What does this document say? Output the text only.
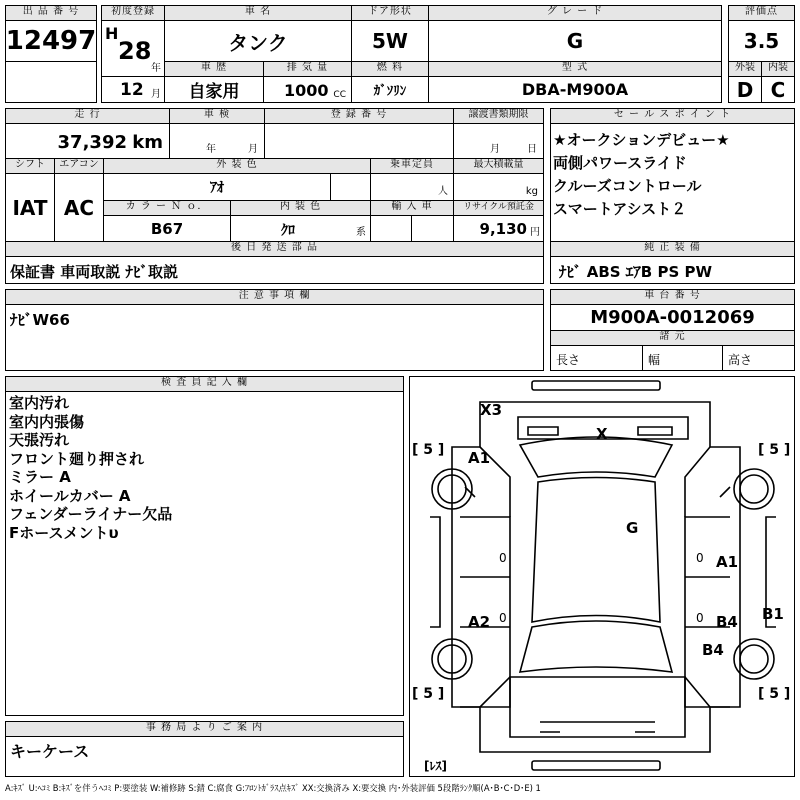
出 品 番 号
12497
初度登録
H
28
年
12 月
車 名
タンク
ドア形状
5W
グ レ ー ド
G
評価点
3.5
車 歴
自家用
排 気 量
1000 CC
燃 料
ｶﾞｿﾘﾝ
型 式
DBA-M900A
外装
D
内装
C
走 行
37,392 km
車 検
年	月
登 録 番 号	譲渡書類期限
月	日
シフト
IAT
エアコン
AC
外 装 色
ｱｵ
乗車定員
人
最大積載量
kg
カ ラ ー Ｎ ｏ．
B67
内 装 色
ｸﾛ	系
輸 入 車	リサイクル預託金
9,130 円
後 日 発 送 部 品
保証書 車両取説 ﾅﾋﾞ取説
セ ー ル ス ポ イ ン ト
★オークションデビュー★
両側パワースライド
クルーズコントロール
スマートアシスト２
純 正 装 備
ﾅﾋﾞ ABS ｴｱB PS PW
注 意 事 項 欄
ﾅﾋﾞW66
車 台 番 号
M900A-0012069
諸 元
長さ	幅	高さ
検 査 員 記 入 欄
室内汚れ
室内内張傷
天張汚れ
フロント廻り押され
ミラー A
ホイールカバー A
フェンダーライナー欠品
Fホースメントυ
事 務 局 よ り ご 案 内
キーケース
X3
X
G
A1
A1
A2	B4 B1
B4
0	0
0	0
[ 5 ]	[ 5 ]
[ 5 ]	[ 5 ]
[ﾚｽ]
A:ｷｽﾞ U:ﾍｺﾐ B:ｷｽﾞを伴うﾍｺﾐ P:要塗装 W:補修跡 S:錆 C:腐食 G:ﾌﾛﾝﾄｶﾞﾗｽ点ｷｽﾞ XX:交換済み X:要交換 内･外装評価 5段階ﾗﾝｸ順(A･B･C･D･E) 1
